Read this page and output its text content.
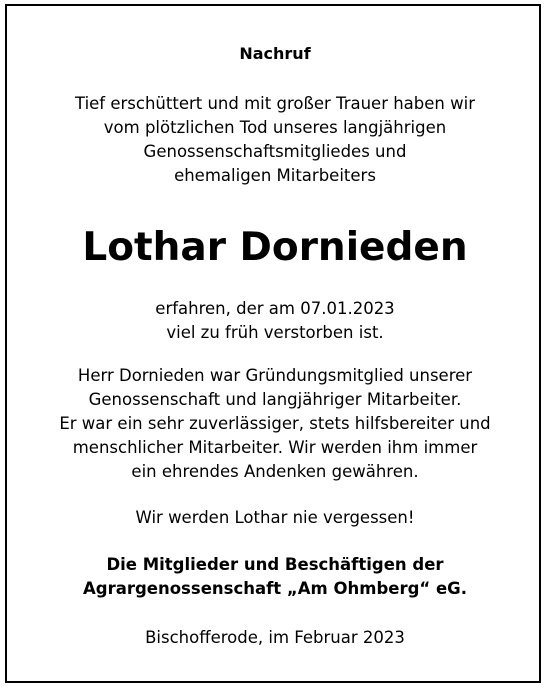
Nachruf
Tief erschüttert und mit großer Trauer haben wir
vom plötzlichen Tod unseres langjährigen
Genossenschaftsmitgliedes und
ehemaligen Mitarbeiters
Lothar Dornieden
erfahren, der am 07.01.2023
viel zu früh verstorben ist.
Herr Dornieden war Gründungsmitglied unserer
Genossenschaft und langjähriger Mitarbeiter.
Er war ein sehr zuverlässiger, stets hilfsbereiter und
menschlicher Mitarbeiter. Wir werden ihm immer
ein ehrendes Andenken gewähren.
Wir werden Lothar nie vergessen!
Die Mitglieder und Beschäftigen der
Agrargenossenschaft „Am Ohmberg“ eG.
Bischofferode, im Februar 2023
